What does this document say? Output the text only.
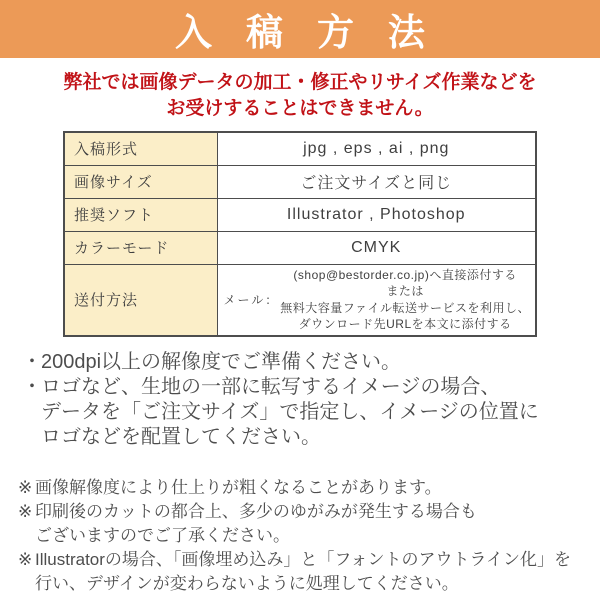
入 稿 方 法
弊社では画像データの加工・修正やリサイズ作業などを
お受けすることはできません。
入稿形式	jpg , eps , ai , png
画像サイズ	ご注文サイズと同じ
推奨ソフト	Illustrator , Photoshop
カラーモード	CMYK
送付方法	メール：
(shop@bestorder.co.jp)へ直接添付する
または
無料大容量ファイル転送サービスを利用し、
ダウンロード先URLを本文に添付する
・ 200dpi以上の解像度でご準備ください。
・ ロゴなど、生地の一部に転写するイメージの場合、
データを「ご注文サイズ」で指定し、イメージの位置に
ロゴなどを配置してください。
※ 画像解像度により仕上りが粗くなることがあります。
※ 印刷後のカットの都合上、多少のゆがみが発生する場合も
ございますのでご了承ください。
※ Illustratorの場合、「画像埋め込み」と「フォントのアウトライン化」を
行い、デザインが変わらないように処理してください。
